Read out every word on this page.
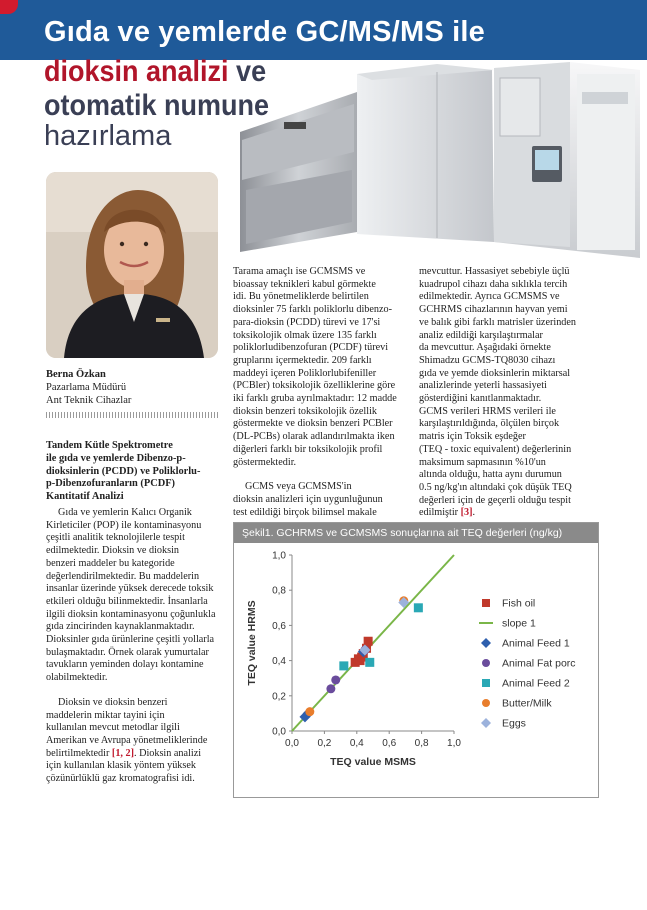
Gıda ve yemlerde GC/MS/MS ile
dioksin analizi ve
otomatik numune
hazırlama
Berna Özkan
Pazarlama Müdürü
Ant Teknik Cihazlar

Tandem Kütle Spektrometre
ile gıda ve yemlerde Dibenzo-p-
dioksinlerin (PCDD) ve Poliklorlu-
p-Dibenzofuranların (PCDF)
Kantitatif Analizi

Gıda ve yemlerin Kalıcı Organik
Kirleticiler (POP) ile kontaminasyonu
çeşitli analitik teknolojilerle tespit
edilmektedir. Dioksin ve dioksin
benzeri maddeler bu kategoride
değerlendirilmektedir. Bu maddelerin
insanlar üzerinde yüksek derecede toksik
etkileri olduğu bilinmektedir. İnsanlarla
ilgili dioksin kontaminasyonu çoğunlukla
gıda zincirinden kaynaklanmaktadır.
Dioksinler gıda ürünlerine çeşitli yollarla
bulaşmaktadır. Örnek olarak yumurtalar
tavukların yeminden dolayı kontamine
olabilmektedir.

Dioksin ve dioksin benzeri
maddelerin miktar tayini için
kullanılan mevcut metodlar ilgili
Amerikan ve Avrupa yönetmeliklerinde
belirtilmektedir [1, 2]. Dioksin analizi
için kullanılan klasik yöntem yüksek
çözünürlüklü gaz kromatografisi idi.

Tarama amaçlı ise GCMSMS ve
bioassay teknikleri kabul görmekte
idi. Bu yönetmeliklerde belirtilen
dioksinler 75 farklı poliklorlu dibenzo-
para-dioksin (PCDD) türevi ve 17'si
toksikolojik olmak üzere 135 farklı
poliklorludibenzofuran (PCDF) türevi
gruplarını içermektedir. 209 farklı
maddeyi içeren Poliklorlubifeniller
(PCBler) toksikolojik özelliklerine göre
iki farklı gruba ayrılmaktadır: 12 madde
dioksin benzeri toksikolojik özellik
göstermekte ve dioksin benzeri PCBler
(DL-PCBs) olarak adlandırılmakta iken
diğerleri farklı bir toksikolojik profil
göstermektedir.

GCMS veya GCMSMS'in
dioksin analizleri için uygunluğunun
test edildiği birçok bilimsel makale

mevcuttur. Hassasiyet sebebiyle üçlü
kuadrupol cihazı daha sıklıkla tercih
edilmektedir. Ayrıca GCMSMS ve
GCHRMS cihazlarının hayvan yemi
ve balık gibi farklı matrisler üzerinden
analiz edildiği karşılaştırmalar
da mevcuttur. Aşağıdaki örnekte
Shimadzu GCMS-TQ8030 cihazı
gıda ve yemde dioksinlerin miktarsal
analizlerinde yeterli hassasiyeti
gösterdiğini kanıtlanmaktadır.
GCMS verileri HRMS verileri ile
karşılaştırıldığında, ölçülen birçok
matris için Toksik eşdeğer
(TEQ - toxic equivalent) değerlerinin
maksimum sapmasının %10'un
altında olduğu, hatta aynı durumun
0.5 ng/kg'ın altındaki çok düşük TEQ
değerleri için de geçerli olduğu tespit
edilmiştir [3].

Şekil1. GCHRMS ve GCMSMS sonuçlarına ait TEQ değerleri (ng/kg)
0,0 0,2 0,4 0,6 0,8 1,0
0,0
0,2
0,4
0,6
0,8
1,0
TEQ value MSMS
TEQ value HRMS	Fish oil
slope 1
Animal Feed 1
Animal Fat porc
Animal Feed 2
Butter/Milk
Eggs
